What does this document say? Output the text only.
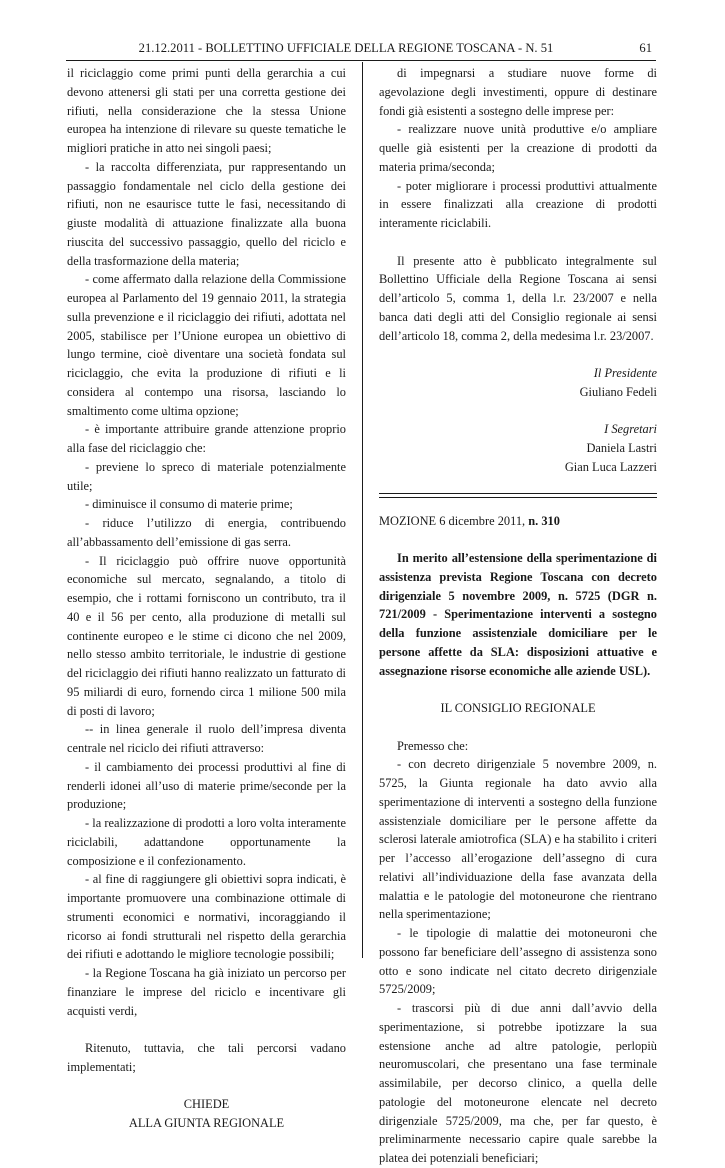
21.12.2011 - BOLLETTINO UFFICIALE DELLA REGIONE TOSCANA - N. 51	61

il riciclaggio come primi punti della gerarchia a cui devono attenersi gli stati per una corretta gestione dei rifiuti, nella considerazione che la stessa Unione europea ha intenzione di rilevare su queste tematiche le migliori pratiche in atto nei singoli paesi;

- la raccolta differenziata, pur rappresentando un passaggio fondamentale nel ciclo della gestione dei rifiuti, non ne esaurisce tutte le fasi, necessitando di giuste modalità di attuazione finalizzate alla buona riuscita del successivo passaggio, quello del riciclo e della trasformazione della materia;

- come affermato dalla relazione della Commissione europea al Parlamento del 19 gennaio 2011, la strategia sulla prevenzione e il riciclaggio dei rifiuti, adottata nel 2005, stabilisce per l’Unione europea un obiettivo di lungo termine, cioè diventare una società fondata sul riciclaggio, che evita la produzione di rifiuti e li considera al contempo una risorsa, lasciando lo smaltimento come ultima opzione;

- è importante attribuire grande attenzione proprio alla fase del riciclaggio che:

- previene lo spreco di materiale potenzialmente utile;

- diminuisce il consumo di materie prime;

- riduce l’utilizzo di energia, contribuendo all’abbassamento dell’emissione di gas serra.

- Il riciclaggio può offrire nuove opportunità economiche sul mercato, segnalando, a titolo di esempio, che i rottami forniscono un contributo, tra il 40 e il 56 per cento, alla produzione di metalli sul continente europeo e le stime ci dicono che nel 2009, nello stesso ambito territoriale, le industrie di gestione del riciclaggio dei rifiuti hanno realizzato un fatturato di 95 miliardi di euro, fornendo circa 1 milione 500 mila di posti di lavoro;

-- in linea generale il ruolo dell’impresa diventa centrale nel riciclo dei rifiuti attraverso:

- il cambiamento dei processi produttivi al fine di renderli idonei all’uso di materie prime/seconde per la produzione;

- la realizzazione di prodotti a loro volta interamente riciclabili, adattandone opportunamente la composizione e il confezionamento.

- al fine di raggiungere gli obiettivi sopra indicati, è importante promuovere una combinazione ottimale di strumenti economici e normativi, incoraggiando il ricorso ai fondi strutturali nel rispetto della gerarchia dei rifiuti e adottando le migliore tecnologie possibili;

- la Regione Toscana ha già iniziato un percorso per finanziare le imprese del riciclo e incentivare gli acquisti verdi,

Ritenuto, tuttavia, che tali percorsi vadano implementati;

CHIEDE

ALLA GIUNTA REGIONALE

di impegnarsi a studiare nuove forme di agevolazione degli investimenti, oppure di destinare fondi già esistenti a sostegno delle imprese per:

- realizzare nuove unità produttive e/o ampliare quelle già esistenti per la creazione di prodotti da materia prima/seconda;

- poter migliorare i processi produttivi attualmente in essere finalizzati alla creazione di prodotti interamente riciclabili.

Il presente atto è pubblicato integralmente sul Bollettino Ufficiale della Regione Toscana ai sensi dell’articolo 5, comma 1, della l.r. 23/2007 e nella banca dati degli atti del Consiglio regionale ai sensi dell’articolo 18, comma 2, della medesima l.r. 23/2007.

Il Presidente

Giuliano Fedeli

I Segretari

Daniela Lastri

Gian Luca Lazzeri

MOZIONE 6 dicembre 2011, n. 310

In merito all’estensione della sperimentazione di assistenza prevista Regione Toscana con decreto dirigenziale 5 novembre 2009, n. 5725 (DGR n. 721/2009 - Sperimentazione interventi a sostegno della funzione assistenziale domiciliare per le persone affette da SLA: disposizioni attuative e assegnazione risorse economiche alle aziende USL).

IL CONSIGLIO REGIONALE

Premesso che:

- con decreto dirigenziale 5 novembre 2009, n. 5725, la Giunta regionale ha dato avvio alla sperimentazione di interventi a sostegno della funzione assistenziale domiciliare per le persone affette da sclerosi laterale amiotrofica (SLA) e ha stabilito i criteri per l’accesso all’erogazione dell’assegno di cura relativi all’individuazione della fase avanzata della malattia e le patologie del motoneurone che rientrano nella sperimentazione;

- le tipologie di malattie dei motoneuroni che possono far beneficiare dell’assegno di assistenza sono otto e sono indicate nel citato decreto dirigenziale 5725/2009;

- trascorsi più di due anni dall’avvio della sperimentazione, si potrebbe ipotizzare la sua estensione anche ad altre patologie, perlopiù neuromuscolari, che presentano una fase terminale assimilabile, per decorso clinico, a quella delle patologie del motoneurone elencate nel decreto dirigenziale 5725/2009, ma che, per far questo, è preliminarmente necessario capire quale sarebbe la platea dei potenziali beneficiari;
